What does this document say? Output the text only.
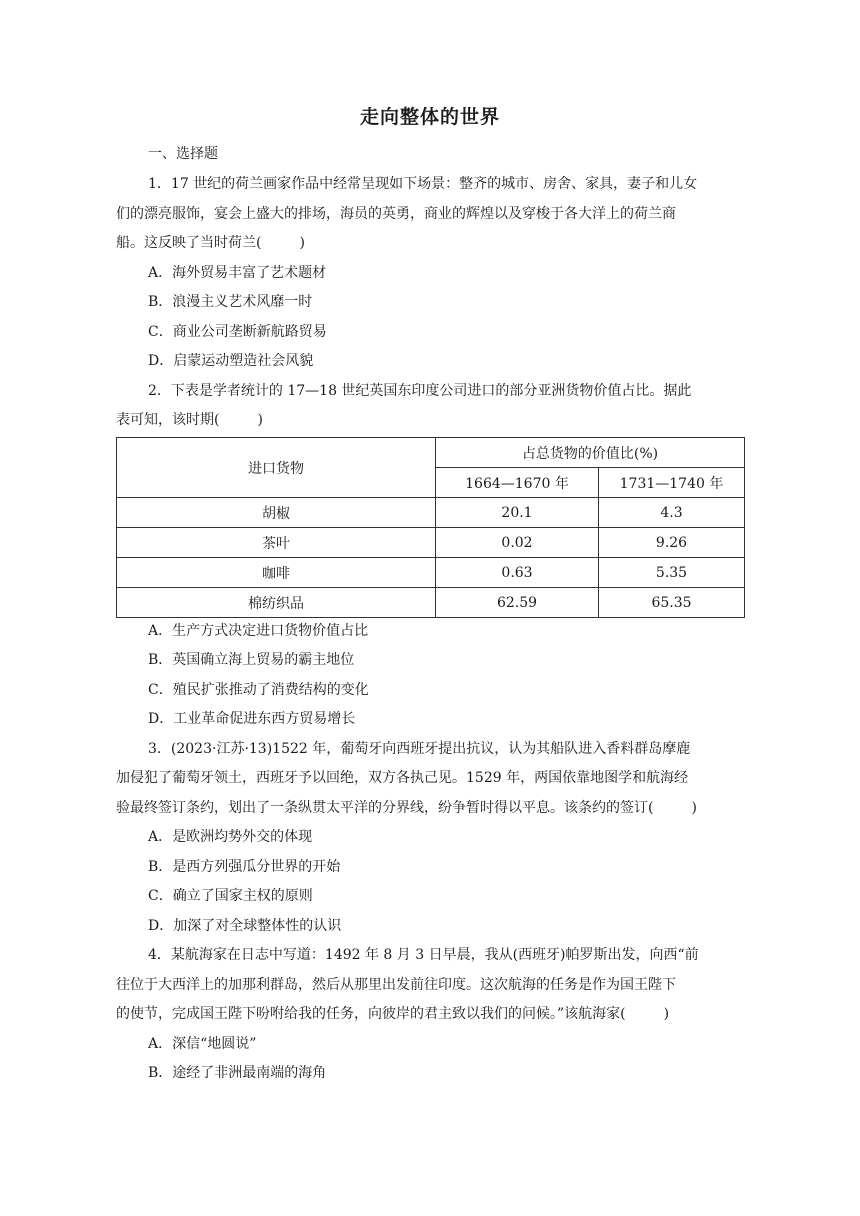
走向整体的世界
一、选择题
1．17 世纪的荷兰画家作品中经常呈现如下场景：整齐的城市、房舍、家具，妻子和儿女
们的漂亮服饰，宴会上盛大的排场，海员的英勇，商业的辉煌以及穿梭于各大洋上的荷兰商
船。这反映了当时荷兰(	)
A．海外贸易丰富了艺术题材
B．浪漫主义艺术风靡一时
C．商业公司垄断新航路贸易
D．启蒙运动塑造社会风貌
2．下表是学者统计的 17—18 世纪英国东印度公司进口的部分亚洲货物价值占比。据此
表可知，该时期(	)
进口货物	占总货物的价值比(%)	
	1664—1670 年	1731—1740 年
胡椒	20.1	4.3
茶叶	0.02	9.26
咖啡	0.63	5.35
棉纺织品	62.59	65.35
A．生产方式决定进口货物价值占比
B．英国确立海上贸易的霸主地位
C．殖民扩张推动了消费结构的变化
D．工业革命促进东西方贸易增长
3．(2023·江苏·13)1522 年，葡萄牙向西班牙提出抗议，认为其船队进入香料群岛摩鹿
加侵犯了葡萄牙领土，西班牙予以回绝，双方各执己见。1529 年，两国依靠地图学和航海经
验最终签订条约，划出了一条纵贯太平洋的分界线，纷争暂时得以平息。该条约的签订(	)
A．是欧洲均势外交的体现
B．是西方列强瓜分世界的开始
C．确立了国家主权的原则
D．加深了对全球整体性的认识
4．某航海家在日志中写道：1492 年 8 月 3 日早晨，我从(西班牙)帕罗斯出发，向西“前
往位于大西洋上的加那利群岛，然后从那里出发前往印度。这次航海的任务是作为国王陛下
的使节，完成国王陛下吩咐给我的任务，向彼岸的君主致以我们的问候。”该航海家(	)
A．深信“地圆说”
B．途经了非洲最南端的海角
